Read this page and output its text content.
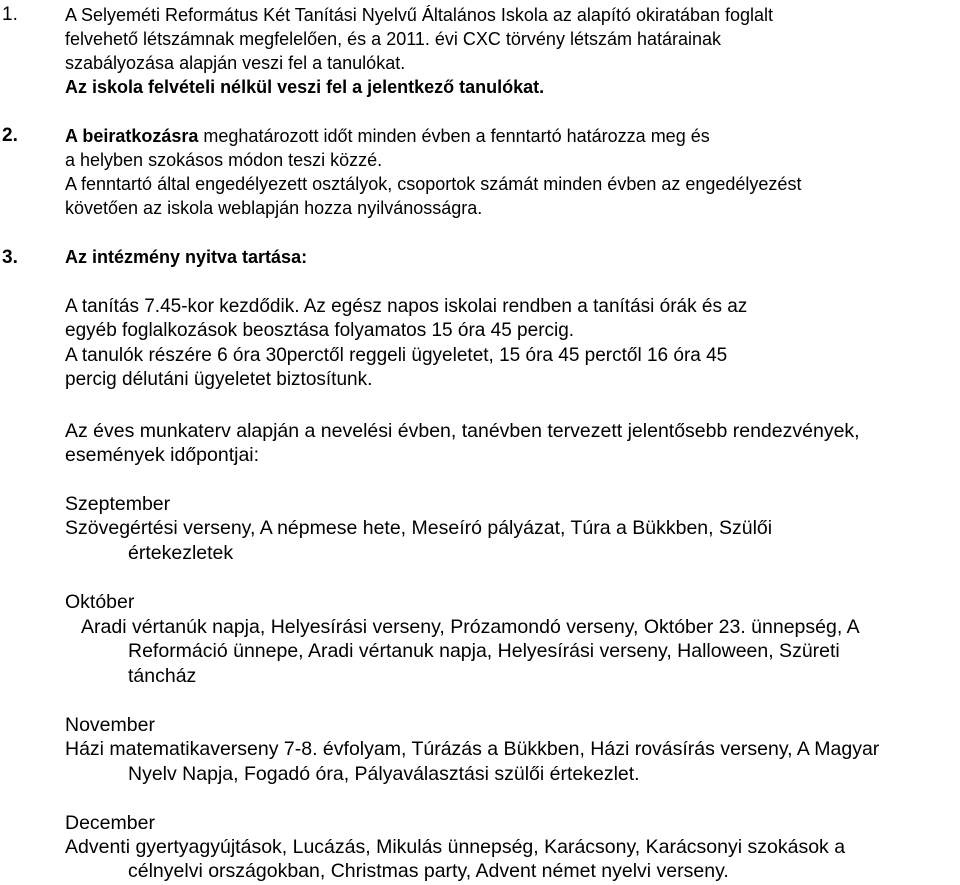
1.	A Selyeméti Református Két Tanítási Nyelvű Általános Iskola az alapító okiratában foglalt
felvehető létszámnak megfelelően, és a 2011. évi CXC törvény létszám határainak
szabályozása alapján veszi fel a tanulókat.
Az iskola felvételi nélkül veszi fel a jelentkező tanulókat.
2.	A beiratkozásra meghatározott időt minden évben a fenntartó határozza meg és
a helyben szokásos módon teszi közzé.
A fenntartó által engedélyezett osztályok, csoportok számát minden évben az engedélyezést
követően az iskola weblapján hozza nyilvánosságra.
3.	Az intézmény nyitva tartása:
A tanítás 7.45-kor kezdődik. Az egész napos iskolai rendben a tanítási órák és az
egyéb foglalkozások beosztása folyamatos 15 óra 45 percig.
A tanulók részére 6 óra 30perctől reggeli ügyeletet, 15 óra 45 perctől 16 óra 45
percig délutáni ügyeletet biztosítunk.
Az éves munkaterv alapján a nevelési évben, tanévben tervezett jelentősebb rendezvények,
események időpontjai:
Szeptember
Szövegértési verseny, A népmese hete, Meseíró pályázat, Túra a Bükkben, Szülői
értekezletek
Október
Aradi vértanúk napja, Helyesírási verseny, Prózamondó verseny, Október 23. ünnepség, A
Reformáció ünnepe, Aradi vértanuk napja, Helyesírási verseny, Halloween, Szüreti
táncház
November
Házi matematikaverseny 7-8. évfolyam, Túrázás a Bükkben, Házi rovásírás verseny, A Magyar
Nyelv Napja, Fogadó óra, Pályaválasztási szülői értekezlet.
December
Adventi gyertyagyújtások, Lucázás, Mikulás ünnepség, Karácsony, Karácsonyi szokások a
célnyelvi országokban, Christmas party, Advent német nyelvi verseny.
